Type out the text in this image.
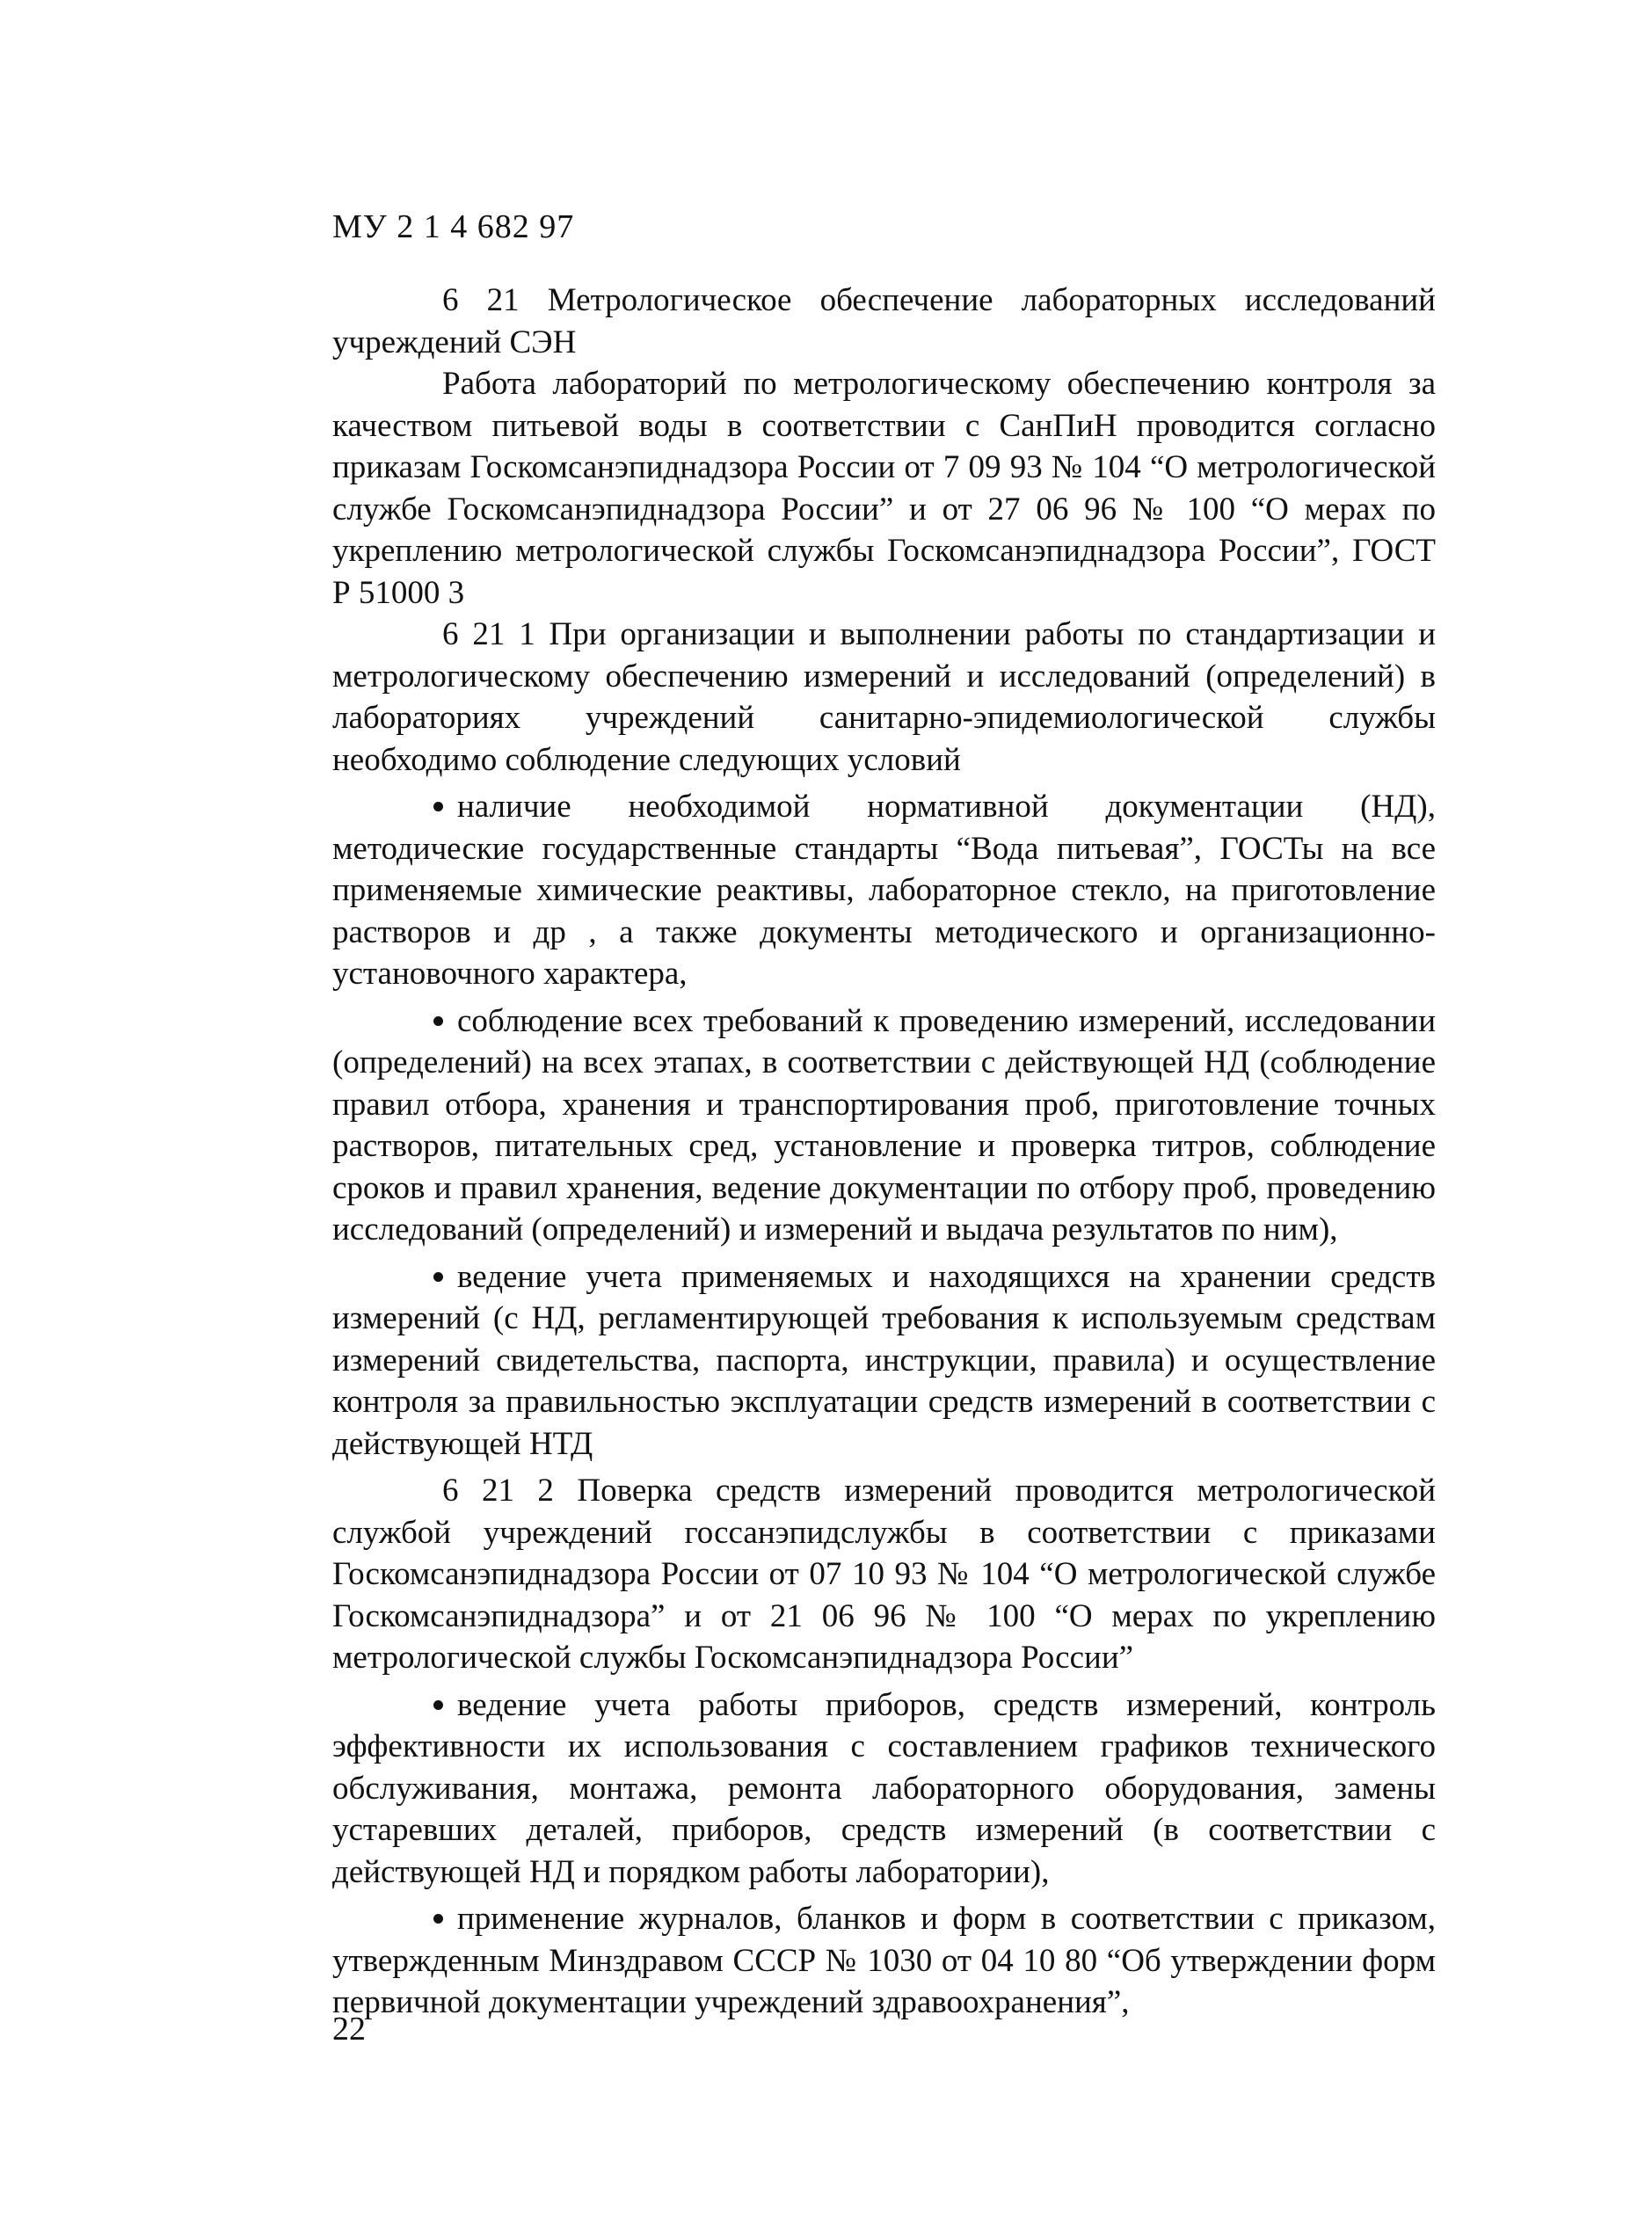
МУ 2 1 4 682 97

6 21 Метрологическое обеспечение лабораторных исследований учреждений СЭН

Работа лабораторий по метрологическому обеспечению контроля за качеством питьевой воды в соответствии с СанПиН проводится согласно приказам Госкомсанэпиднадзора России от 7 09 93 № 104 “О метрологической службе Госкомсанэпиднадзора России” и от 27 06 96 № 100 “О мерах по укреплению метрологической службы Госкомсанэпиднадзора России”, ГОСТ Р 51000 3

6 21 1 При организации и выполнении работы по стандартизации и метрологическому обеспечению измерений и исследований (определений) в лабораториях учреждений санитарно-эпидемиологической службы необходимо соблюдение следующих условий

наличие необходимой нормативной документации (НД), методические государственные стандарты “Вода питьевая”, ГОСТы на все применяемые химические реактивы, лабораторное стекло, на приготовление растворов и др , а также документы методического и организационно-установочного характера,

соблюдение всех требований к проведению измерений, исследовании (определений) на всех этапах, в соответствии с действующей НД (соблюдение правил отбора, хранения и транспортирования проб, приготовление точных растворов, питательных сред, установление и проверка титров, соблюдение сроков и правил хранения, ведение документации по отбору проб, проведению исследований (определений) и измерений и выдача результатов по ним),

ведение учета применяемых и находящихся на хранении средств измерений (с НД, регламентирующей требования к используемым средствам измерений свидетельства, паспорта, инструкции, правила) и осуществление контроля за правильностью эксплуатации средств измерений в соответствии с действующей НТД

6 21 2 Поверка средств измерений проводится метрологической службой учреждений госсанэпидслужбы в соответствии с приказами Госкомсанэпиднадзора России от 07 10 93 № 104 “О метрологической службе Госкомсанэпиднадзора” и от 21 06 96 № 100 “О мерах по укреплению метрологической службы Госкомсанэпиднадзора России”

ведение учета работы приборов, средств измерений, контроль эффективности их использования с составлением графиков технического обслуживания, монтажа, ремонта лабораторного оборудования, замены устаревших деталей, приборов, средств измерений (в соответствии с действующей НД и порядком работы лаборатории),

применение журналов, бланков и форм в соответствии с приказом, утвержденным Минздравом СССР № 1030 от 04 10 80 “Об утверждении форм первичной документации учреждений здравоохранения”,

22
